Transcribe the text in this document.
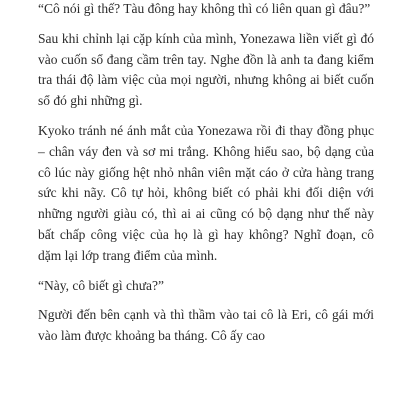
“Cô nói gì thế? Tàu đông hay không thì có liên quan gì đâu?”

Sau khi chỉnh lại cặp kính của mình, Yonezawa liền viết gì đó vào cuốn sổ đang cầm trên tay. Nghe đồn là anh ta đang kiểm tra thái độ làm việc của mọi người, nhưng không ai biết cuốn sổ đó ghi những gì.

Kyoko tránh né ánh mắt của Yonezawa rồi đi thay đồng phục – chân váy đen và sơ mi trắng. Không hiểu sao, bộ dạng của cô lúc này giống hệt nhỏ nhân viên mặt cáo ở cửa hàng trang sức khi nãy. Cô tự hỏi, không biết có phải khi đối diện với những người giàu có, thì ai ai cũng có bộ dạng như thế này bất chấp công việc của họ là gì hay không? Nghĩ đoạn, cô dặm lại lớp trang điểm của mình.

“Này, cô biết gì chưa?”

Người đến bên cạnh và thì thầm vào tai cô là Eri, cô gái mới vào làm được khoảng ba tháng. Cô ấy cao
